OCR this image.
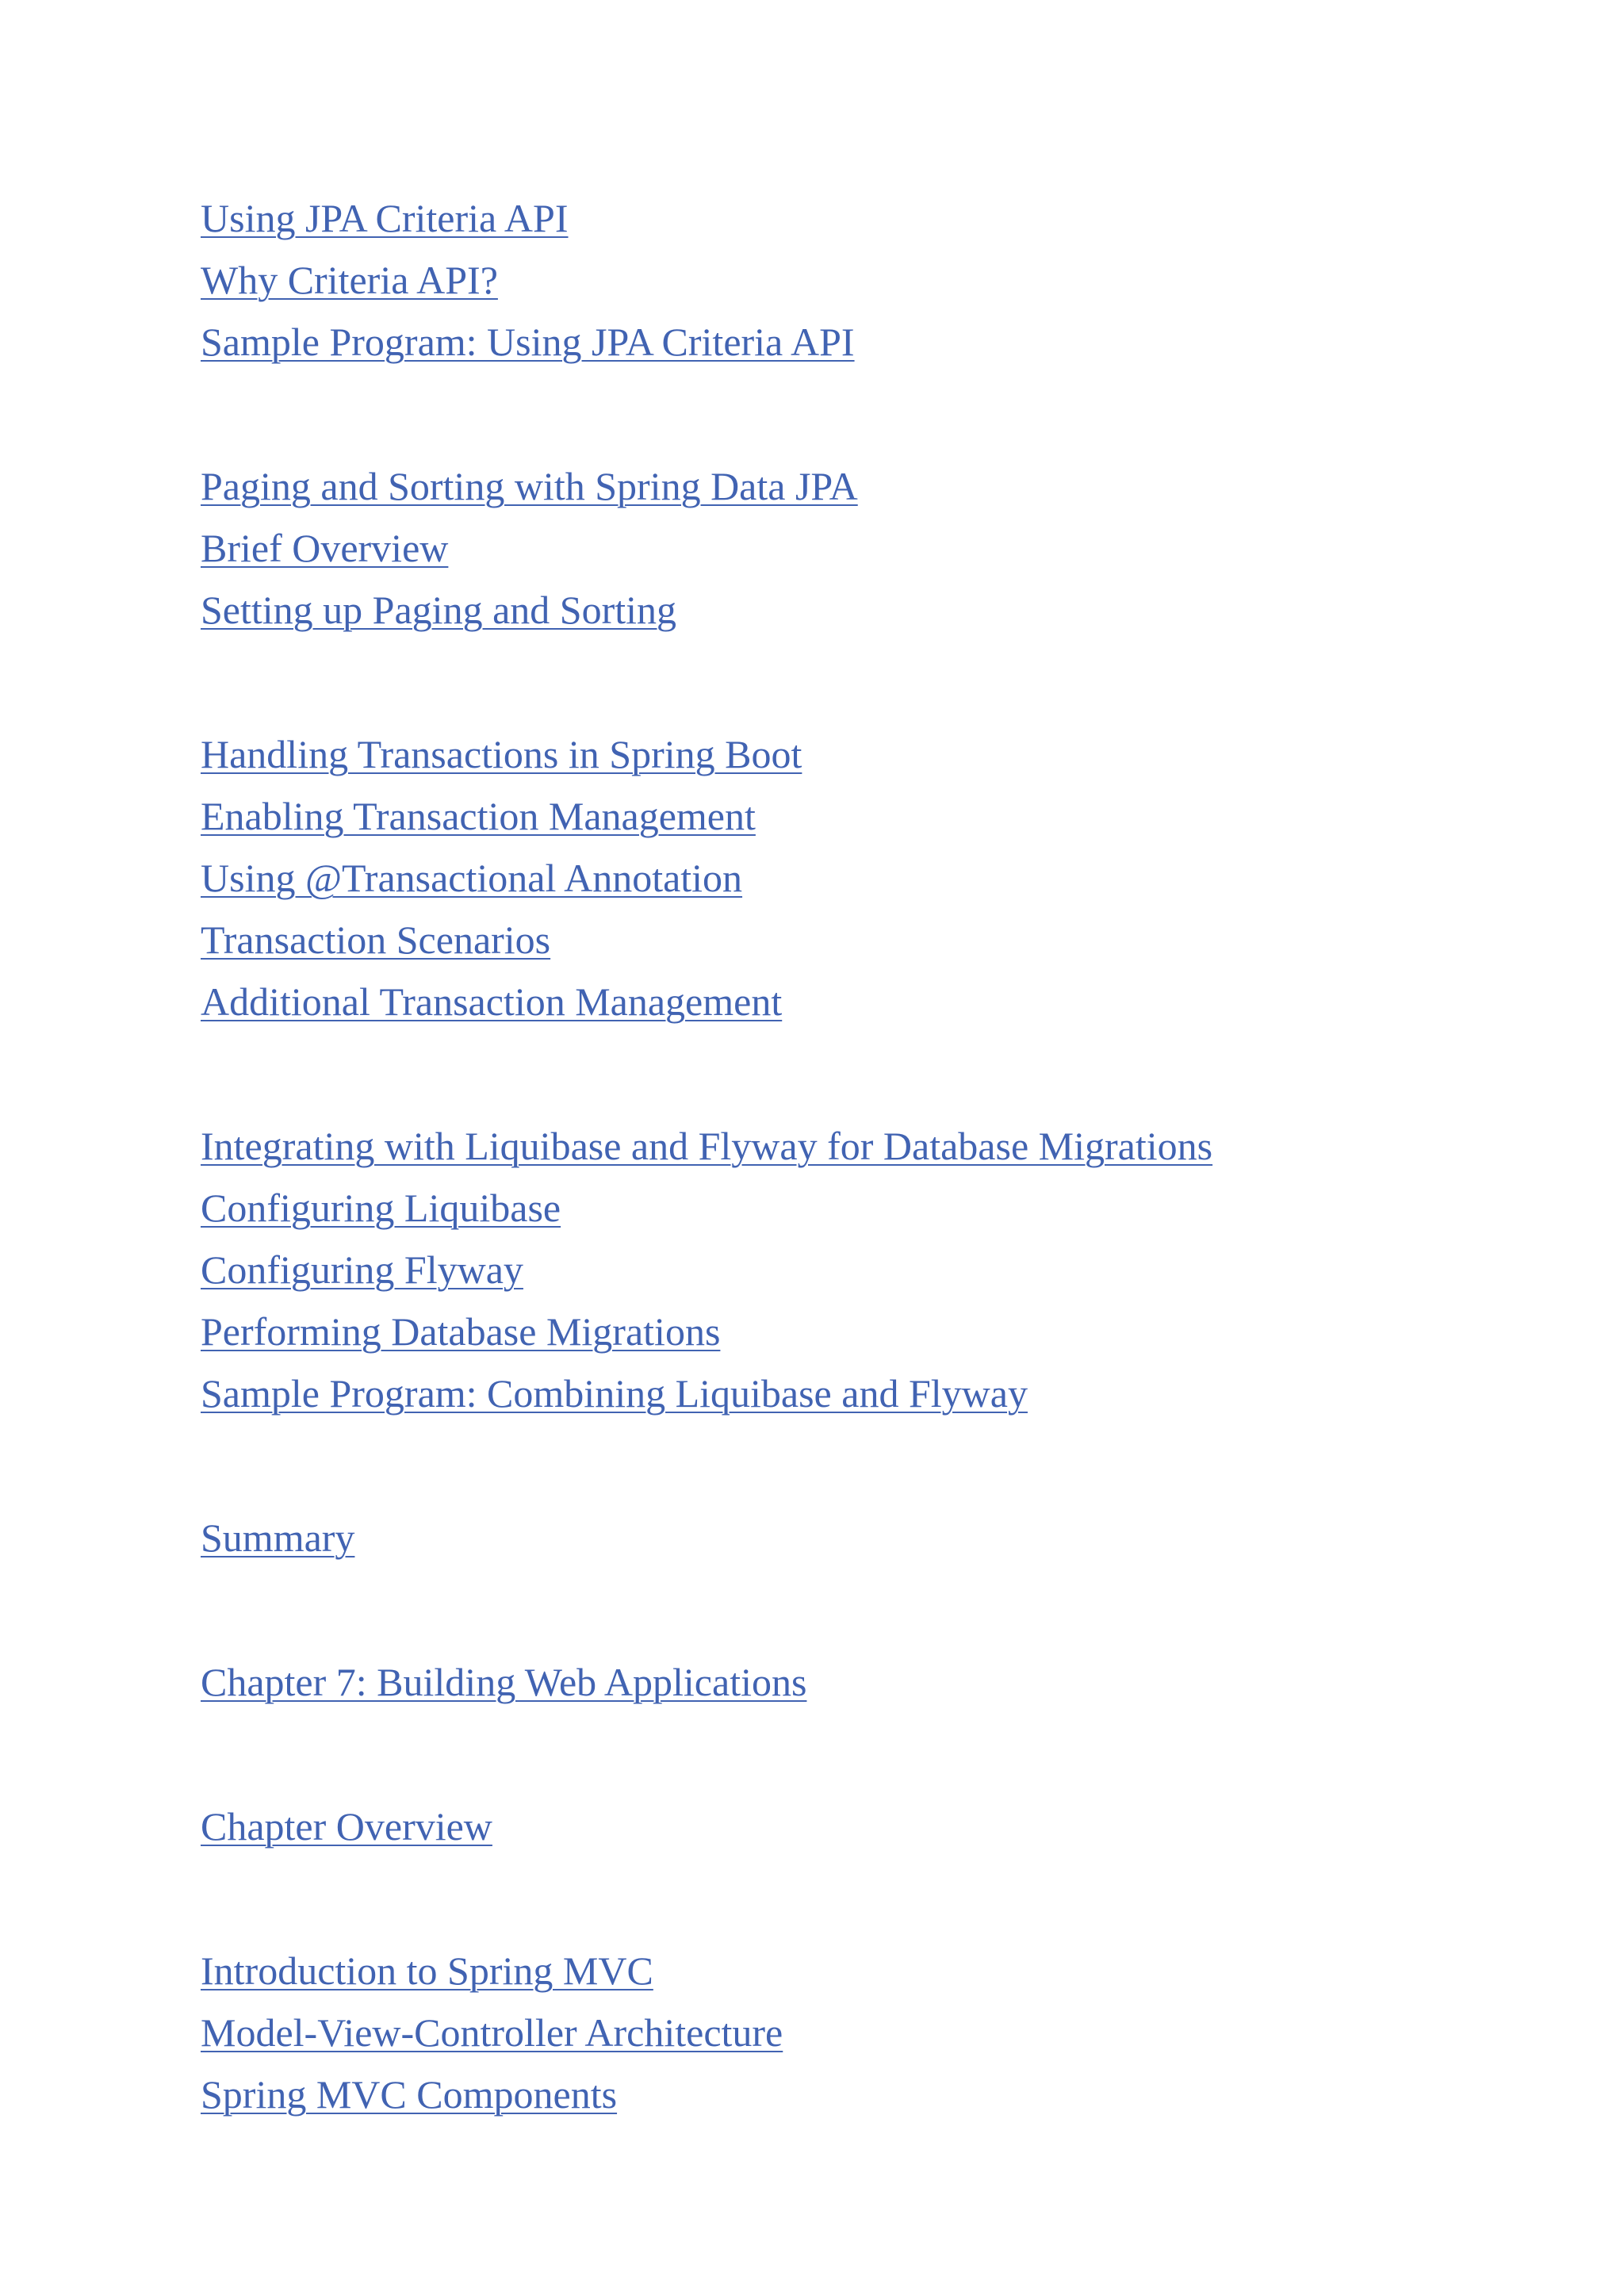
Using JPA Criteria API
Why Criteria API?
Sample Program: Using JPA Criteria API
Paging and Sorting with Spring Data JPA
Brief Overview
Setting up Paging and Sorting
Handling Transactions in Spring Boot
Enabling Transaction Management
Using @Transactional Annotation
Transaction Scenarios
Additional Transaction Management
Integrating with Liquibase and Flyway for Database Migrations
Configuring Liquibase
Configuring Flyway
Performing Database Migrations
Sample Program: Combining Liquibase and Flyway
Summary
Chapter 7: Building Web Applications
Chapter Overview
Introduction to Spring MVC
Model-View-Controller Architecture
Spring MVC Components
